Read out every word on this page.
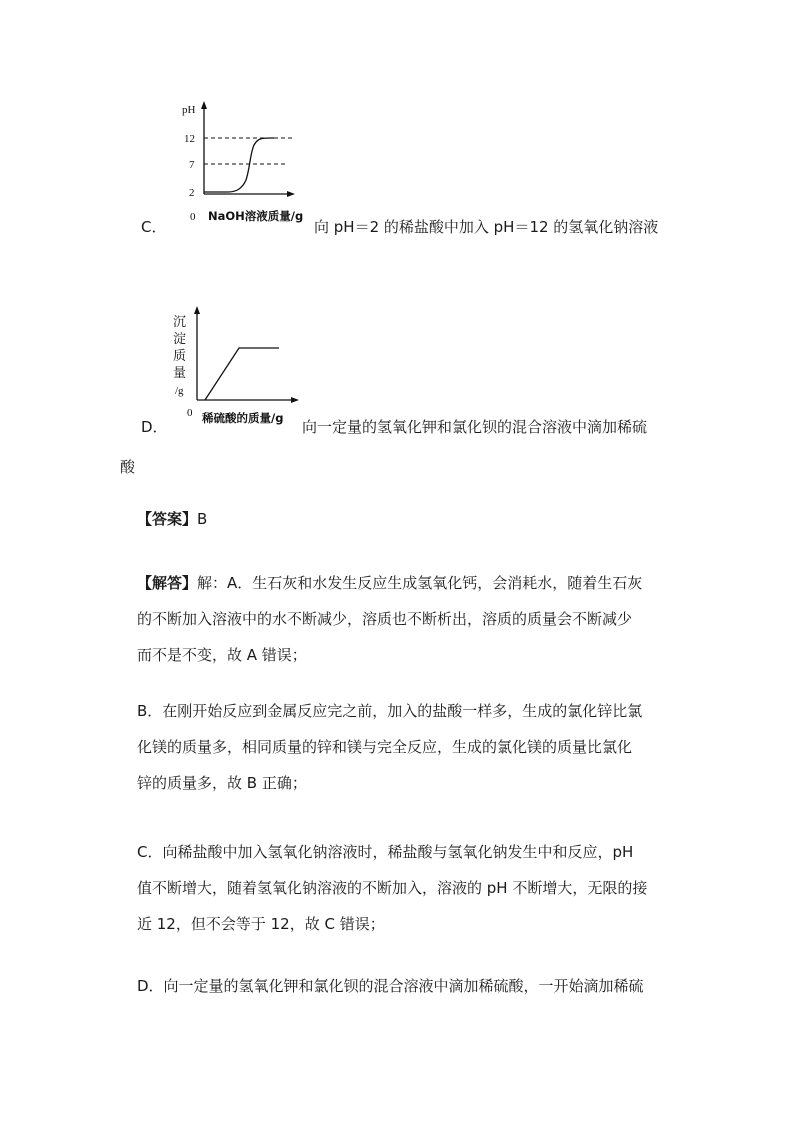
pH
12
7
2
0 NaOH溶液质量/g
C．	向 pH＝2 的稀盐酸中加入 pH＝12 的氢氧化钠溶液
沉
淀
质
量
/g
0 稀硫酸的质量/g
D．	向一定量的氢氧化钾和氯化钡的混合溶液中滴加稀硫
酸
【答案】B
【解答】解：A．生石灰和水发生反应生成氢氧化钙，会消耗水，随着生石灰
的不断加入溶液中的水不断减少，溶质也不断析出，溶质的质量会不断减少
而不是不变，故 A 错误；
B．在刚开始反应到金属反应完之前，加入的盐酸一样多，生成的氯化锌比氯
化镁的质量多，相同质量的锌和镁与完全反应，生成的氯化镁的质量比氯化
锌的质量多，故 B 正确；
C．向稀盐酸中加入氢氧化钠溶液时，稀盐酸与氢氧化钠发生中和反应，pH
值不断增大，随着氢氧化钠溶液的不断加入，溶液的 pH 不断增大，无限的接
近 12，但不会等于 12，故 C 错误；
D．向一定量的氢氧化钾和氯化钡的混合溶液中滴加稀硫酸，一开始滴加稀硫
